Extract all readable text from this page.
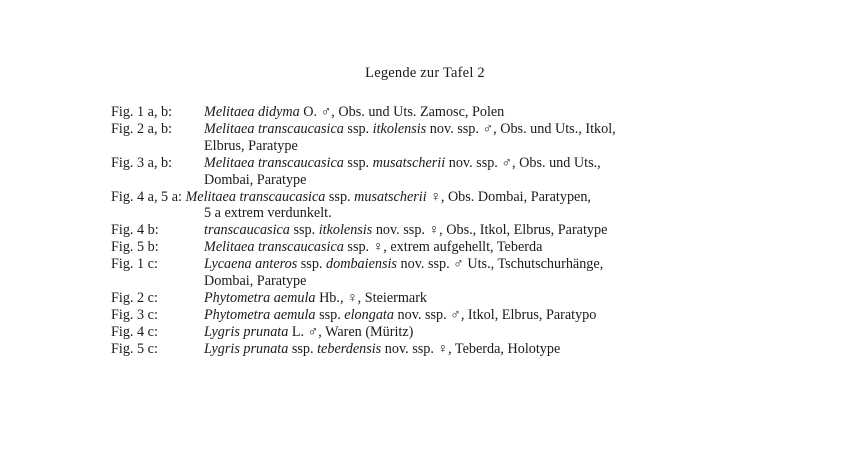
Legende zur Tafel 2
Fig. 1 a, b: Melitaea didyma O. ♂, Obs. und Uts. Zamosc, Polen
Fig. 2 a, b: Melitaea transcaucasica ssp. itkolensis nov. ssp. ♂, Obs. und Uts., Itkol,
Elbrus, Paratype
Fig. 3 a, b: Melitaea transcaucasica ssp. musatscherii nov. ssp. ♂, Obs. und Uts.,
Dombai, Paratype
Fig. 4 a, 5 a: Melitaea transcaucasica ssp. musatscherii ♀, Obs. Dombai, Paratypen,
5 a extrem verdunkelt.
Fig. 4 b:	transcaucasica ssp. itkolensis nov. ssp. ♀, Obs., Itkol, Elbrus, Paratype
Fig. 5 b:	Melitaea transcaucasica ssp. ♀, extrem aufgehellt, Teberda
Fig. 1 c:	Lycaena anteros ssp. dombaiensis nov. ssp. ♂ Uts., Tschutschurhänge,
Dombai, Paratype
Fig. 2 c:	Phytometra aemula Hb., ♀, Steiermark
Fig. 3 c:	Phytometra aemula ssp. elongata nov. ssp. ♂, Itkol, Elbrus, Paratypo
Fig. 4 c:	Lygris prunata L. ♂, Waren (Müritz)
Fig. 5 c:	Lygris prunata ssp. teberdensis nov. ssp. ♀, Teberda, Holotype
